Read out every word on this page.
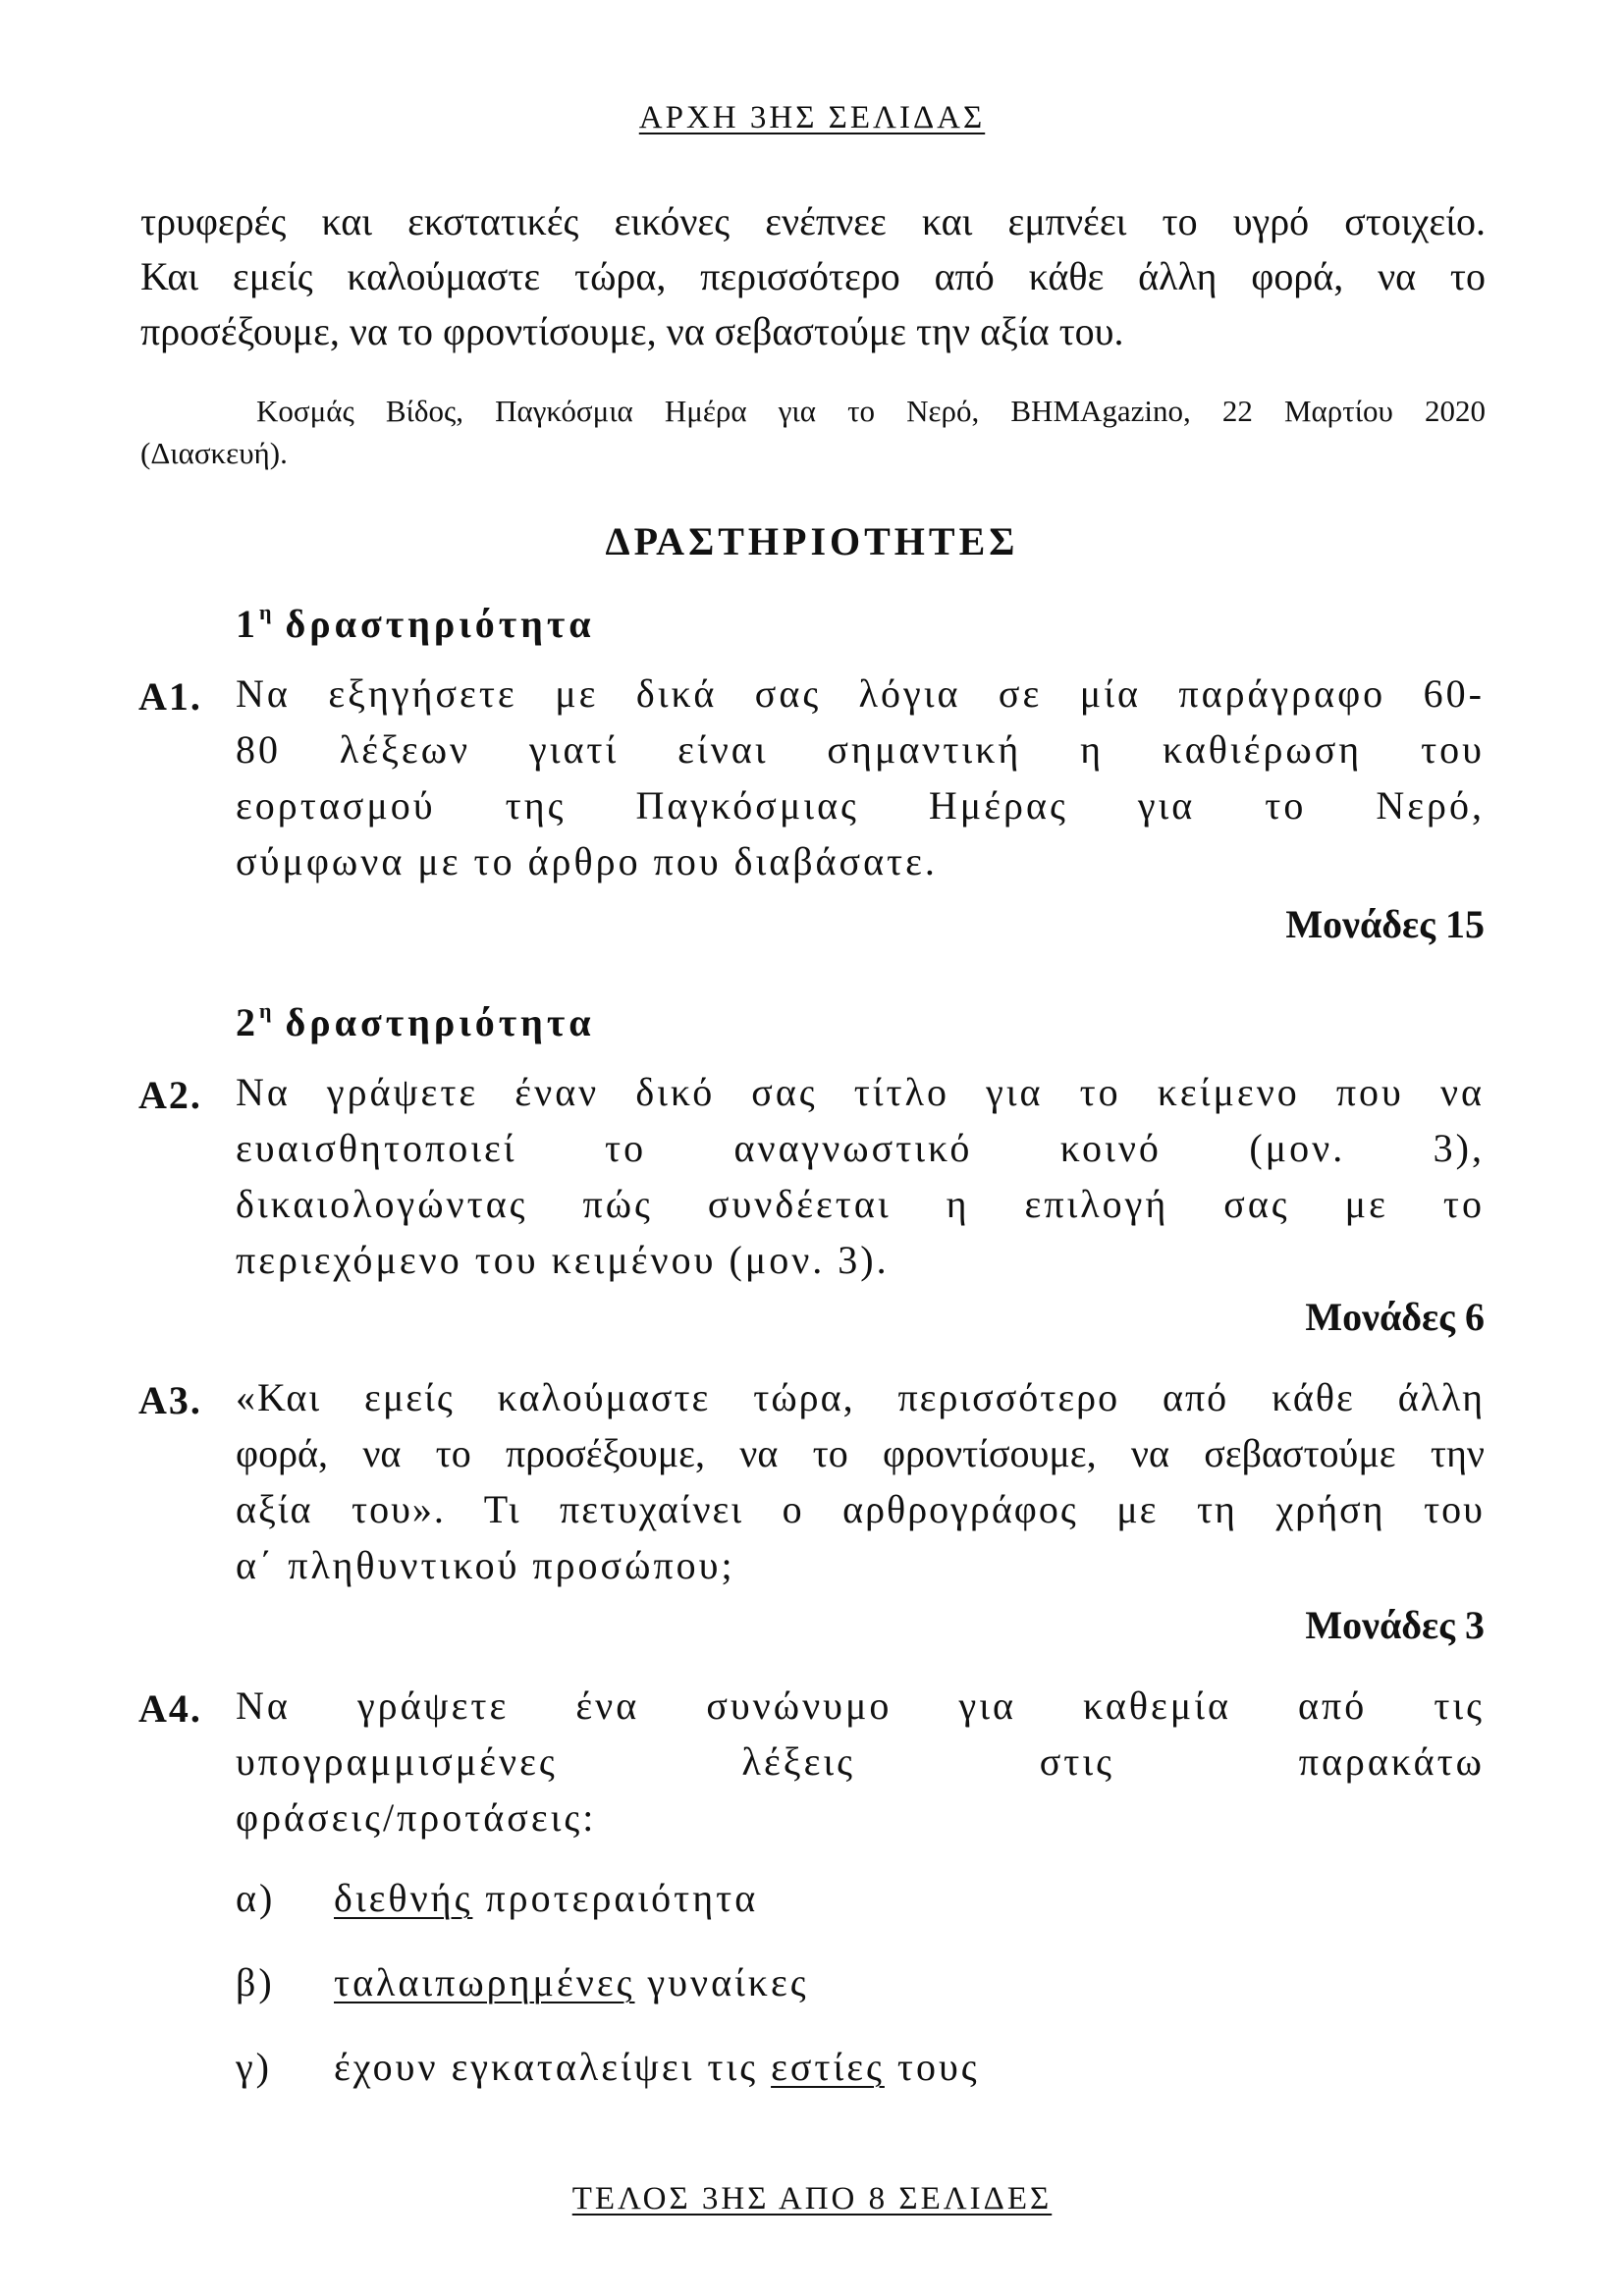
ΑΡΧΗ 3ΗΣ ΣΕΛΙΔΑΣ

τρυφερές και εκστατικές εικόνες ενέπνεε και εμπνέει το υγρό στοιχείο.

Και εμείς καλούμαστε τώρα, περισσότερο από κάθε άλλη φορά, να το

προσέξουμε, να το φροντίσουμε, να σεβαστούμε την αξία του.

Κοσμάς Βίδος, Παγκόσμια Ημέρα για το Νερό, BHMAgazino, 22 Μαρτίου 2020
(Διασκευή).
ΔΡΑΣΤΗΡΙΟΤΗΤΕΣ
$1^\eta$ δραστηριότητα
Α1. Να εξηγήσετε με δικά σας λόγια σε μία παράγραφο 60-
80 λέξεων γιατί είναι σημαντική η καθιέρωση του
εορτασμού της Παγκόσμιας Ημέρας για το Νερό,
σύμφωνα με το άρθρο που διαβάσατε.
Μονάδες 15
$2^\eta$ δραστηριότητα
Α2. Να γράψετε έναν δικό σας τίτλο για το κείμενο που να
ευαισθητοποιεί το αναγνωστικό κοινό (μον. 3),
δικαιολογώντας πώς συνδέεται η επιλογή σας με το
περιεχόμενο του κειμένου (μον. 3).
Μονάδες 6
Α3. «Και εμείς καλούμαστε τώρα, περισσότερο από κάθε άλλη
φορά, να το προσέξουμε, να το φροντίσουμε, να σεβαστούμε την
αξία του». Τι πετυχαίνει ο αρθρογράφος με τη χρήση του
α΄ πληθυντικού προσώπου;
Μονάδες 3
Α4. Να γράψετε ένα συνώνυμο για καθεμία από τις
υπογραμμισμένες λέξεις στις παρακάτω
φράσεις/προτάσεις:
α) διεθνής προτεραιότητα
β) ταλαιπωρημένες γυναίκες
γ) έχουν εγκαταλείψει τις εστίες τους
ΤΕΛΟΣ 3ΗΣ ΑΠΟ 8 ΣΕΛΙΔΕΣ
